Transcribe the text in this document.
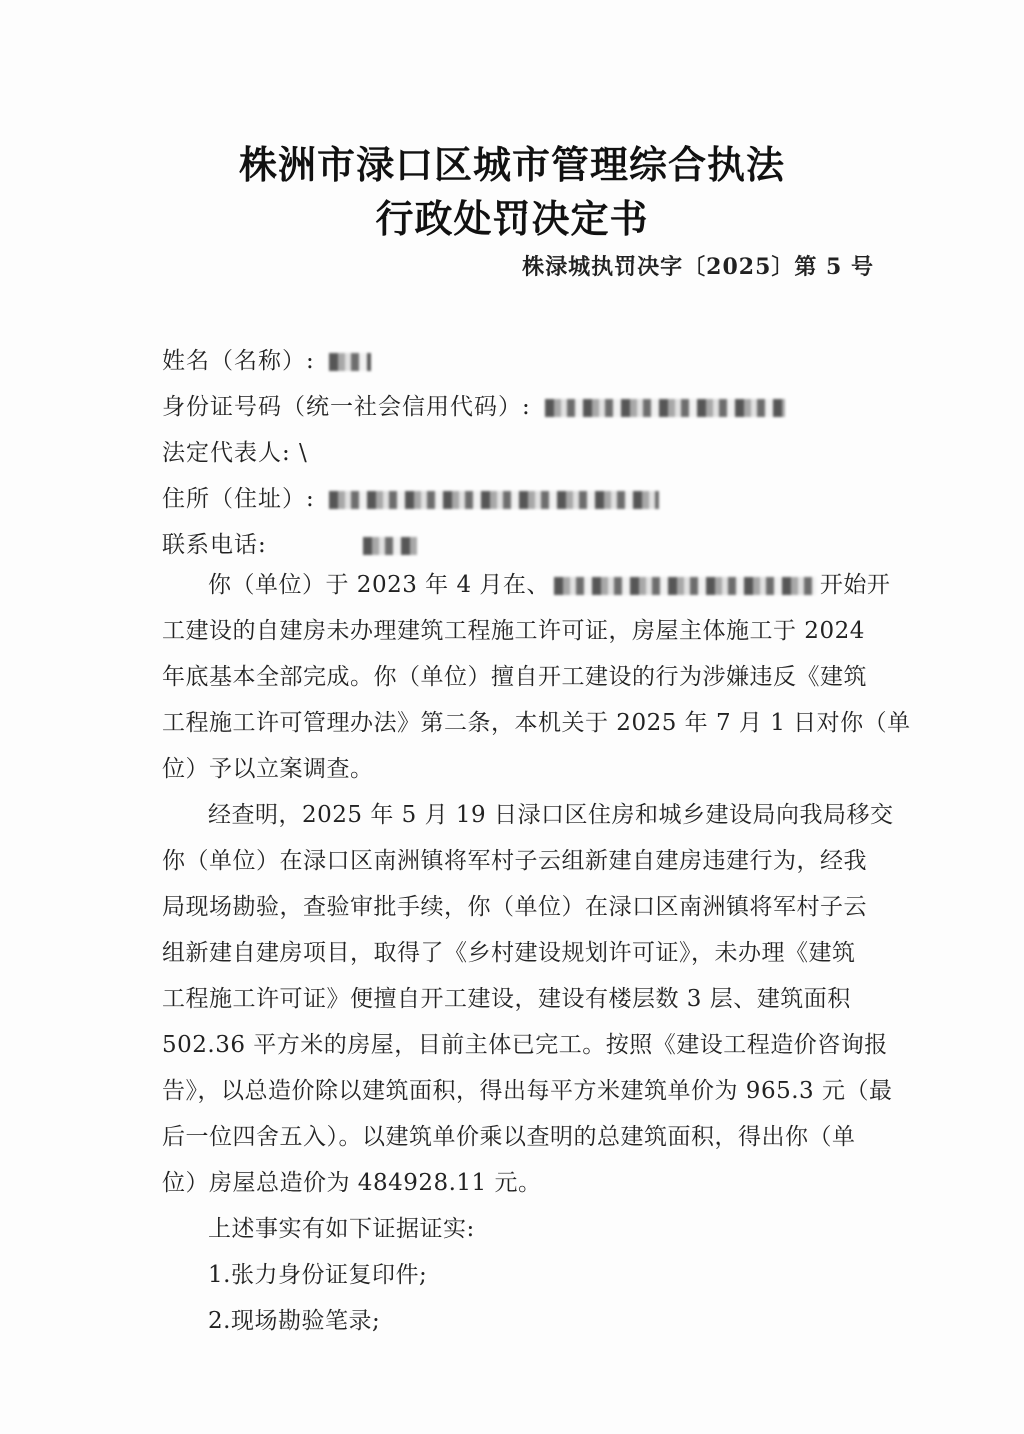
株洲市渌口区城市管理综合执法
行政处罚决定书
株渌城执罚决字〔2025〕第 5 号
姓名（名称）:
身份证号码（统一社会信用代码）:
法定代表人: \
住所（住址）:
联系电话:
你（单位）于 2023 年 4 月在、	开始开
工建设的自建房未办理建筑工程施工许可证，房屋主体施工于 2024
年底基本全部完成。你（单位）擅自开工建设的行为涉嫌违反《建筑
工程施工许可管理办法》第二条，本机关于 2025 年 7 月 1 日对你（单
位）予以立案调查。
经查明，2025 年 5 月 19 日渌口区住房和城乡建设局向我局移交
你（单位）在渌口区南洲镇将军村子云组新建自建房违建行为，经我
局现场勘验，查验审批手续，你（单位）在渌口区南洲镇将军村子云
组新建自建房项目，取得了《乡村建设规划许可证》，未办理《建筑
工程施工许可证》便擅自开工建设，建设有楼层数 3 层、建筑面积
502.36 平方米的房屋，目前主体已完工。按照《建设工程造价咨询报
告》，以总造价除以建筑面积，得出每平方米建筑单价为 965.3 元（最
后一位四舍五入）。以建筑单价乘以查明的总建筑面积，得出你（单
位）房屋总造价为 484928.11 元。
上述事实有如下证据证实:
1.张力身份证复印件;
2.现场勘验笔录;
